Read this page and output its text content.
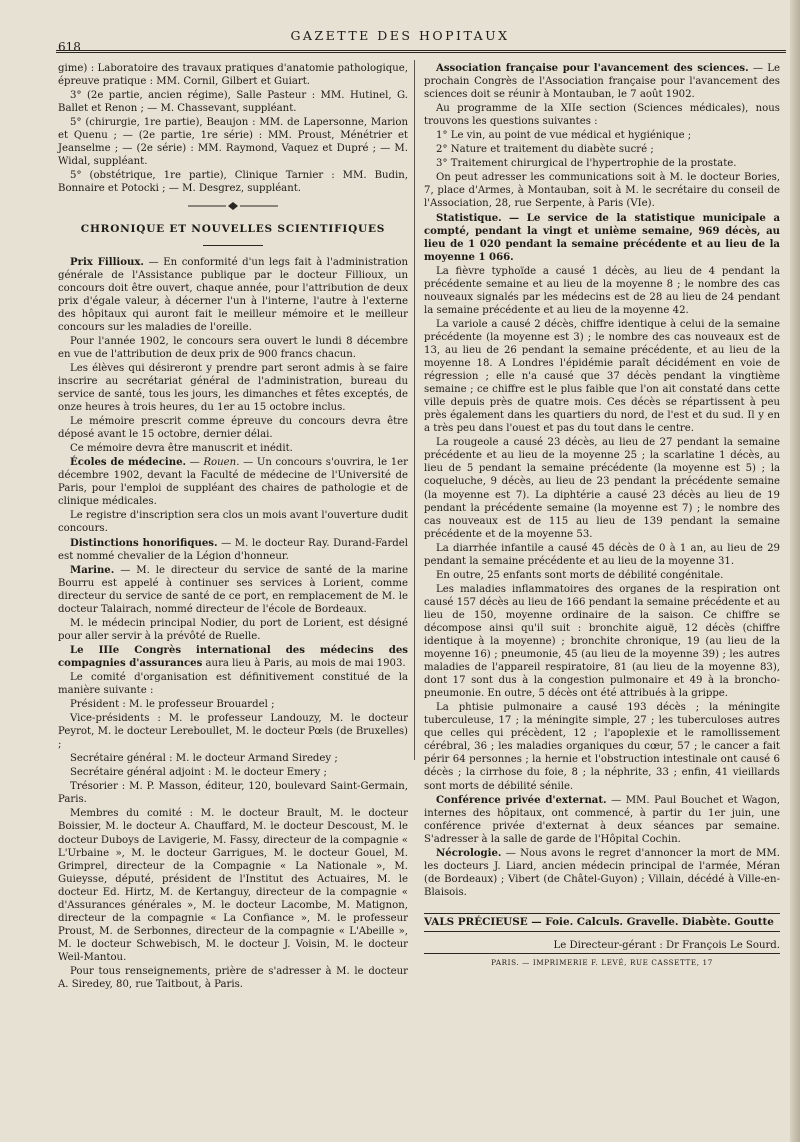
618
GAZETTE DES HOPITAUX

gime) : Laboratoire des travaux pratiques d'anatomie pathologique, épreuve pratique : MM. Cornil, Gilbert et Guiart.

3° (2e partie, ancien régime), Salle Pasteur : MM. Hutinel, G. Ballet et Renon ; — M. Chassevant, suppléant.

5° (chirurgie, 1re partie), Beaujon : MM. de Lapersonne, Marion et Quenu ; — (2e partie, 1re série) : MM. Proust, Ménétrier et Jeanselme ; — (2e série) : MM. Raymond, Vaquez et Dupré ; — M. Widal, suppléant.

5° (obstétrique, 1re partie), Clinique Tarnier : MM. Budin, Bonnaire et Potocki ; — M. Desgrez, suppléant.

CHRONIQUE ET NOUVELLES SCIENTIFIQUES

Prix Fillioux. — En conformité d'un legs fait à l'administration générale de l'Assistance publique par le docteur Fillioux, un concours doit être ouvert, chaque année, pour l'attribution de deux prix d'égale valeur, à décerner l'un à l'interne, l'autre à l'externe des hôpitaux qui auront fait le meilleur mémoire et le meilleur concours sur les maladies de l'oreille.

Pour l'année 1902, le concours sera ouvert le lundi 8 décembre en vue de l'attribution de deux prix de 900 francs chacun.

Les élèves qui désireront y prendre part seront admis à se faire inscrire au secrétariat général de l'administration, bureau du service de santé, tous les jours, les dimanches et fêtes exceptés, de onze heures à trois heures, du 1er au 15 octobre inclus.

Le mémoire prescrit comme épreuve du concours devra être déposé avant le 15 octobre, dernier délai.

Ce mémoire devra être manuscrit et inédit.

Écoles de médecine. — Rouen. — Un concours s'ouvrira, le 1er décembre 1902, devant la Faculté de médecine de l'Université de Paris, pour l'emploi de suppléant des chaires de pathologie et de clinique médicales.

Le registre d'inscription sera clos un mois avant l'ouverture dudit concours.

Distinctions honorifiques. — M. le docteur Ray. Durand-Fardel est nommé chevalier de la Légion d'honneur.

Marine. — M. le directeur du service de santé de la marine Bourru est appelé à continuer ses services à Lorient, comme directeur du service de santé de ce port, en remplacement de M. le docteur Talairach, nommé directeur de l'école de Bordeaux.

M. le médecin principal Nodier, du port de Lorient, est désigné pour aller servir à la prévôté de Ruelle.

Le IIIe Congrès international des médecins des compagnies d'assurances aura lieu à Paris, au mois de mai 1903.

Le comité d'organisation est définitivement constitué de la manière suivante :

Président : M. le professeur Brouardel ;

Vice-présidents : M. le professeur Landouzy, M. le docteur Peyrot, M. le docteur Lereboullet, M. le docteur Pœls (de Bruxelles) ;

Secrétaire général : M. le docteur Armand Siredey ;

Secrétaire général adjoint : M. le docteur Emery ;

Trésorier : M. P. Masson, éditeur, 120, boulevard Saint-Germain, Paris.

Membres du comité : M. le docteur Brault, M. le docteur Boissier, M. le docteur A. Chauffard, M. le docteur Descoust, M. le docteur Duboys de Lavigerie, M. Fassy, directeur de la compagnie « L'Urbaine », M. le docteur Garrigues, M. le docteur Gouel, M. Grimprel, directeur de la Compagnie « La Nationale », M. Guieysse, député, président de l'Institut des Actuaires, M. le docteur Ed. Hirtz, M. de Kertanguy, directeur de la compagnie « d'Assurances générales », M. le docteur Lacombe, M. Matignon, directeur de la compagnie « La Confiance », M. le professeur Proust, M. de Serbonnes, directeur de la compagnie « L'Abeille », M. le docteur Schwebisch, M. le docteur J. Voisin, M. le docteur Weil-Mantou.

Pour tous renseignements, prière de s'adresser à M. le docteur A. Siredey, 80, rue Taitbout, à Paris.

Association française pour l'avancement des sciences. — Le prochain Congrès de l'Association française pour l'avancement des sciences doit se réunir à Montauban, le 7 août 1902.

Au programme de la XIIe section (Sciences médicales), nous trouvons les questions suivantes :

1° Le vin, au point de vue médical et hygiénique ;

2° Nature et traitement du diabète sucré ;

3° Traitement chirurgical de l'hypertrophie de la prostate.

On peut adresser les communications soit à M. le docteur Bories, 7, place d'Armes, à Montauban, soit à M. le secrétaire du conseil de l'Association, 28, rue Serpente, à Paris (VIe).

Statistique. — Le service de la statistique municipale a compté, pendant la vingt et unième semaine, 969 décès, au lieu de 1 020 pendant la semaine précédente et au lieu de la moyenne 1 066.

La fièvre typhoïde a causé 1 décès, au lieu de 4 pendant la précédente semaine et au lieu de la moyenne 8 ; le nombre des cas nouveaux signalés par les médecins est de 28 au lieu de 24 pendant la semaine précédente et au lieu de la moyenne 42.

La variole a causé 2 décès, chiffre identique à celui de la semaine précédente (la moyenne est 3) ; le nombre des cas nouveaux est de 13, au lieu de 26 pendant la semaine précédente, et au lieu de la moyenne 18. A Londres l'épidémie paraît décidément en voie de régression ; elle n'a causé que 37 décès pendant la vingtième semaine ; ce chiffre est le plus faible que l'on ait constaté dans cette ville depuis près de quatre mois. Ces décès se répartissent à peu près également dans les quartiers du nord, de l'est et du sud. Il y en a très peu dans l'ouest et pas du tout dans le centre.

La rougeole a causé 23 décès, au lieu de 27 pendant la semaine précédente et au lieu de la moyenne 25 ; la scarlatine 1 décès, au lieu de 5 pendant la semaine précédente (la moyenne est 5) ; la coqueluche, 9 décès, au lieu de 23 pendant la précédente semaine (la moyenne est 7). La diphtérie a causé 23 décès au lieu de 19 pendant la précédente semaine (la moyenne est 7) ; le nombre des cas nouveaux est de 115 au lieu de 139 pendant la semaine précédente et de la moyenne 53.

La diarrhée infantile a causé 45 décès de 0 à 1 an, au lieu de 29 pendant la semaine précédente et au lieu de la moyenne 31.

En outre, 25 enfants sont morts de débilité congénitale.

Les maladies inflammatoires des organes de la respiration ont causé 157 décès au lieu de 166 pendant la semaine précédente et au lieu de 150, moyenne ordinaire de la saison. Ce chiffre se décompose ainsi qu'il suit : bronchite aiguë, 12 décès (chiffre identique à la moyenne) ; bronchite chronique, 19 (au lieu de la moyenne 16) ; pneumonie, 45 (au lieu de la moyenne 39) ; les autres maladies de l'appareil respiratoire, 81 (au lieu de la moyenne 83), dont 17 sont dus à la congestion pulmonaire et 49 à la broncho-pneumonie. En outre, 5 décès ont été attribués à la grippe.

La phtisie pulmonaire a causé 193 décès ; la méningite tuberculeuse, 17 ; la méningite simple, 27 ; les tuberculoses autres que celles qui précèdent, 12 ; l'apoplexie et le ramollissement cérébral, 36 ; les maladies organiques du cœur, 57 ; le cancer a fait périr 64 personnes ; la hernie et l'obstruction intestinale ont causé 6 décès ; la cirrhose du foie, 8 ; la néphrite, 33 ; enfin, 41 vieillards sont morts de débilité sénile.

Conférence privée d'externat. — MM. Paul Bouchet et Wagon, internes des hôpitaux, ont commencé, à partir du 1er juin, une conférence privée d'externat à deux séances par semaine. S'adresser à la salle de garde de l'Hôpital Cochin.

Nécrologie. — Nous avons le regret d'annoncer la mort de MM. les docteurs J. Liard, ancien médecin principal de l'armée, Méran (de Bordeaux) ; Vibert (de Châtel-Guyon) ; Villain, décédé à Ville-en-Blaisois.

VALS PRÉCIEUSE — Foie. Calculs. Gravelle. Diabète. Goutte
Le Directeur-gérant : Dr François Le Sourd.
PARIS. — IMPRIMERIE F. LEVÉ, RUE CASSETTE, 17
